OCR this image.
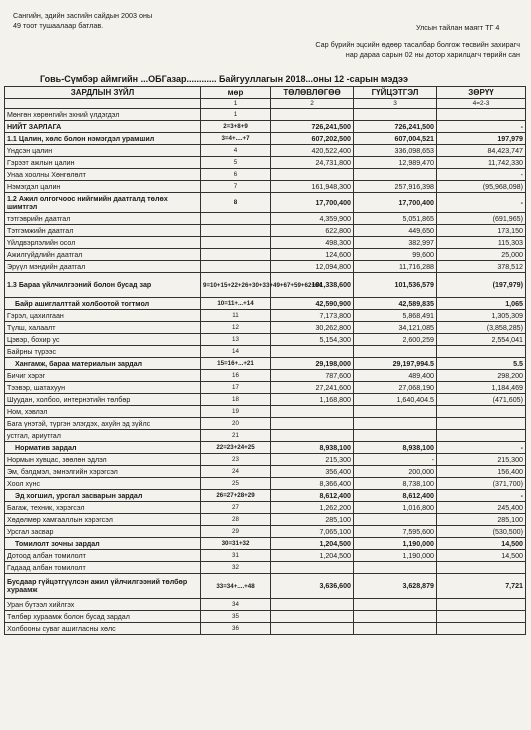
Сангийн, эдийн засгийн сайдын 2003 оны
49 тоот тушаалаар батлав.	Улсын тайлан маягт ТГ 4
Сар бүрийн эцсийн өдөөр тасалбар болгож төсвийн захирагч
нар дараа сарын 02 ны дотор харилцагч төрийн сан
Говь-Сүмбэр аймгийн ...ОБГазар............ Байгууллагын 2018...оны 12 -сарын мэдээ
ЗАРДЛЫН ЗҮЙЛ	мөр	ТӨЛӨВЛӨГӨӨ	ГҮЙЦЭТГЭЛ	ЗӨРҮҮ
	1	2	3	4=2-3
Мөнгөн хөрөнгийн эхний үлдэгдэл	1			
НИЙТ ЗАРЛАГА	2=3+8+9	726,241,500	726,241,500	-
1.1 Цалин, хөлс болон нэмэгдэл урамшил	3=4+....+7	607,202,500	607,004,521	197,979
Үндсэн цалин	4	420,522,400	336,098,653	84,423,747
Гэрээт ажлын цалин	5	24,731,800	12,989,470	11,742,330
Унаа хоолны Хөнгөлөлт	6			-
Нэмэгдэл цалин	7	161,948,300	257,916,398	(95,968,098)
1.2 Ажил олгогчоос нийгмийн даатгалд төлөх шимтгэл	8	17,700,400	17,700,400	-
тэтгэврийн даатгал		4,359,900	5,051,865	(691,965)
Тэтгэмжийн даатгал		622,800	449,650	173,150
Үйлдвэрлэлийн осол		498,300	382,997	115,303
Ажилгүйдлийн даатгал		124,600	99,600	25,000
Эрүүл мэндийн даатгал		12,094,800	11,716,288	378,512
1.3 Бараа үйлчилгээний болон бусад зар	9=10+15+22+26+30+33+49+67+59+62+64	101,338,600	101,536,579	(197,979)
Байр ашиглалттай холбоотой тогтмол	10=11+...+14	42,590,900	42,589,835	1,065
Гэрэл, цахилгаан	11	7,173,800	5,868,491	1,305,309
Түлш, халаалт	12	30,262,800	34,121,085	(3,858,285)
Цэвэр, бохир ус	13	5,154,300	2,600,259	2,554,041
Байрны түрээс	14			
Хангамж, бараа материалын зардал	15=16+...+21	29,198,000	29,197,994.5	5.5
Бичиг хэрэг	16	787,600	489,400	298,200
Тээвэр, шатахуун	17	27,241,600	27,068,190	1,184,469
Шуудан, холбоо, интернэтийн төлбөр	18	1,168,800	1,640,404.5	(471,605)
Ном, хэвлэл	19			
Бага үнэтэй, түргэн элэгдэх, ахуйн эд зүйлс	20			
устгал, ариутгал	21			
Норматив зардал	22=23+24+25	8,938,100	8,938,100	-
Нормын хувцас, зөөлөн эдлэл	23	215,300	-	215,300
Эм, бэлдмэл, эмнэлгийн хэрэгсэл	24	356,400	200,000	156,400
Хоол хүнс	25	8,366,400	8,738,100	(371,700)
Эд хогшил, урсгал засварын зардал	26=27+28+29	8,612,400	8,612,400	-
Багаж, техник, хэрэгсэл	27	1,262,200	1,016,800	245,400
Хөдөлмөр хамгааллын хэрэгсэл	28	285,100		285,100
Урсгал засвар	29	7,065,100	7,595,600	(530,500)
Томилолт зочны зардал	30=31+32	1,204,500	1,190,000	14,500
Дотоод албан томилолт	31	1,204,500	1,190,000	14,500
Гадаад албан томилолт	32			
Бусдаар гүйцэтгүүлсэн ажил үйлчилгээний төлбөр хураамж	33=34+....+48	3,636,600	3,628,879	7,721
Уран бүтээл хийлгэх	34			
Төлбөр хураамж болон бусад зардал	35			
Холбооны суваг ашигласны хөлс	36			
